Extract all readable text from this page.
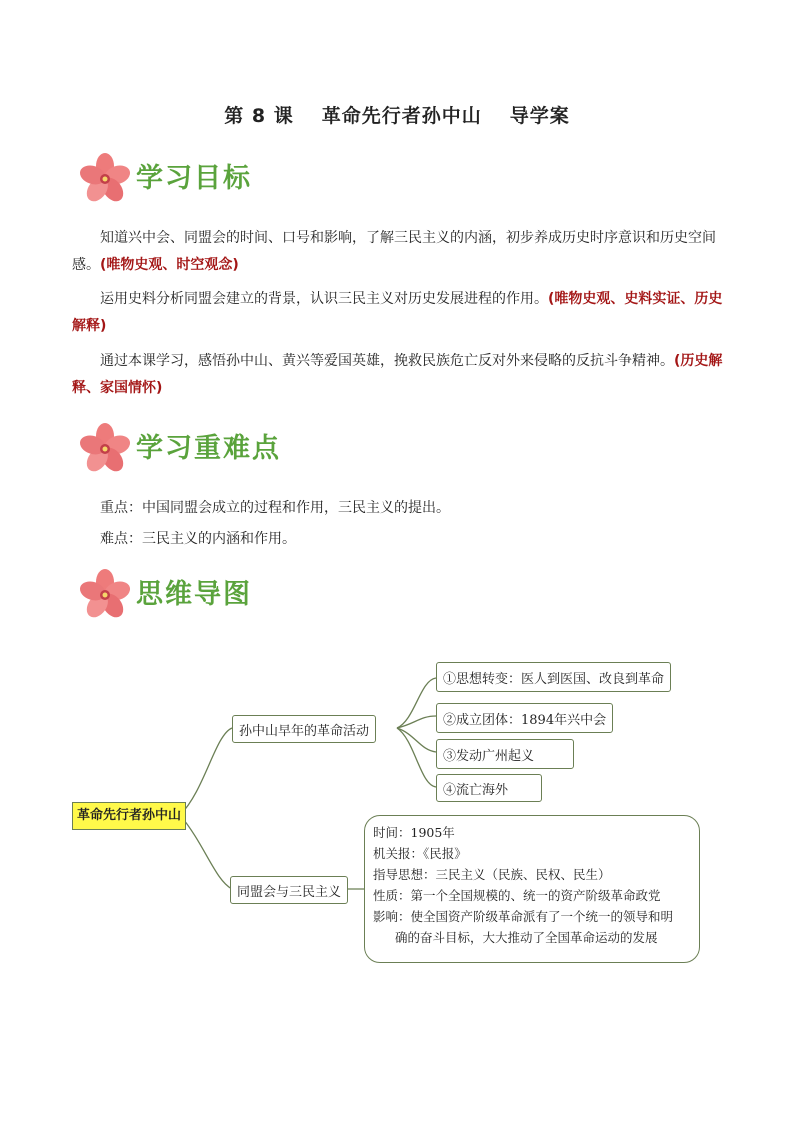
第 8 课 革命先行者孙中山 导学案
学习目标
知道兴中会、同盟会的时间、口号和影响，了解三民主义的内涵，初步养成历史时序意识和历史空间感。(唯物史观、时空观念)
运用史料分析同盟会建立的背景，认识三民主义对历史发展进程的作用。(唯物史观、史料实证、历史解释)
通过本课学习，感悟孙中山、黄兴等爱国英雄，挽救民族危亡反对外来侵略的反抗斗争精神。(历史解释、家国情怀)
学习重难点
重点：中国同盟会成立的过程和作用，三民主义的提出。
难点：三民主义的内涵和作用。
思维导图
革命先行者孙中山
孙中山早年的革命活动
①思想转变：医人到医国、改良到革命
②成立团体：1894年兴中会
③发动广州起义
④流亡海外
同盟会与三民主义
时间：1905年
机关报：《民报》
指导思想：三民主义（民族、民权、民生）
性质：第一个全国规模的、统一的资产阶级革命政党
影响：使全国资产阶级革命派有了一个统一的领导和明
确的奋斗目标，大大推动了全国革命运动的发展
